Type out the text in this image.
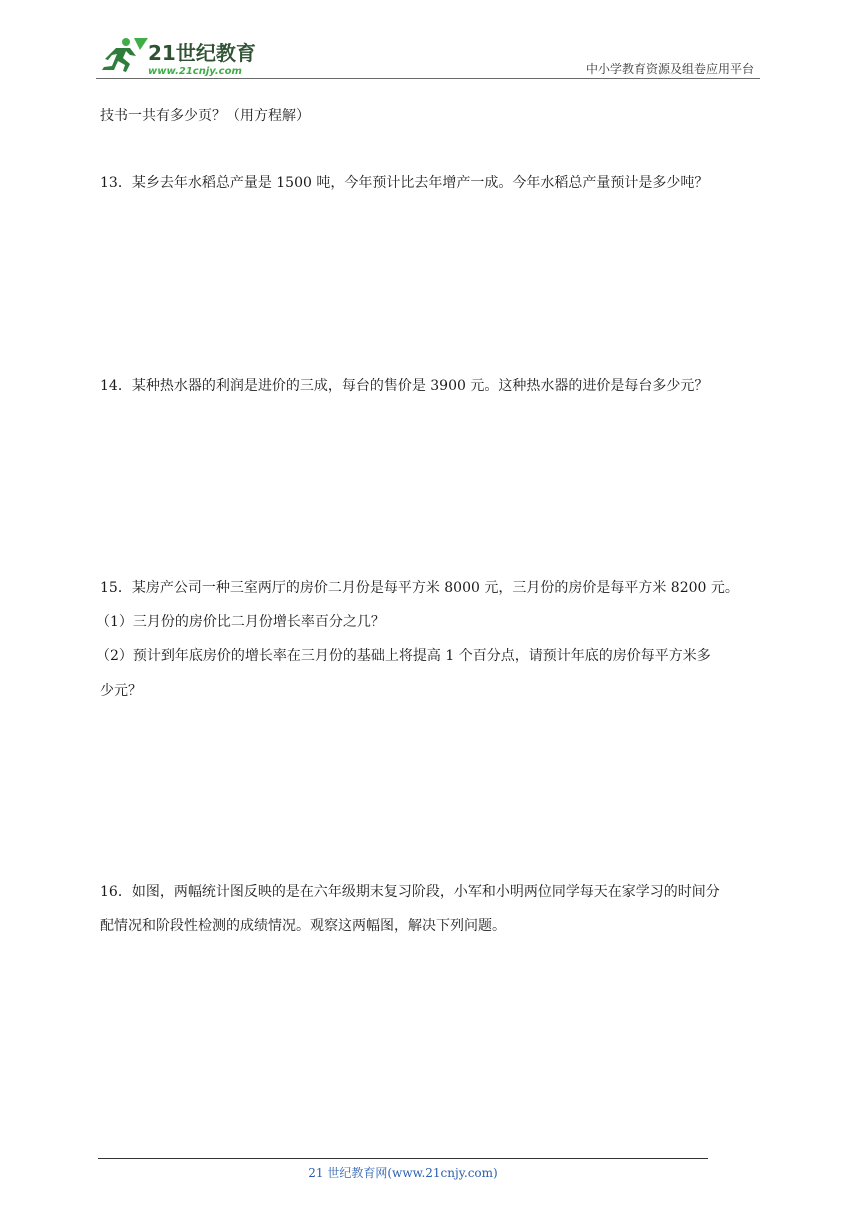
21世纪教育
www.21cnjy.com	中小学教育资源及组卷应用平台
技书一共有多少页？（用方程解）
13．某乡去年水稻总产量是 1500 吨，今年预计比去年增产一成。今年水稻总产量预计是多少吨？
14．某种热水器的利润是进价的三成，每台的售价是 3900 元。这种热水器的进价是每台多少元？
15．某房产公司一种三室两厅的房价二月份是每平方米 8000 元，三月份的房价是每平方米 8200 元。
（1）三月份的房价比二月份增长率百分之几？
（2）预计到年底房价的增长率在三月份的基础上将提高 1 个百分点，请预计年底的房价每平方米多
少元？
16．如图，两幅统计图反映的是在六年级期末复习阶段，小军和小明两位同学每天在家学习的时间分
配情况和阶段性检测的成绩情况。观察这两幅图，解决下列问题。
21 世纪教育网(www.21cnjy.com)
